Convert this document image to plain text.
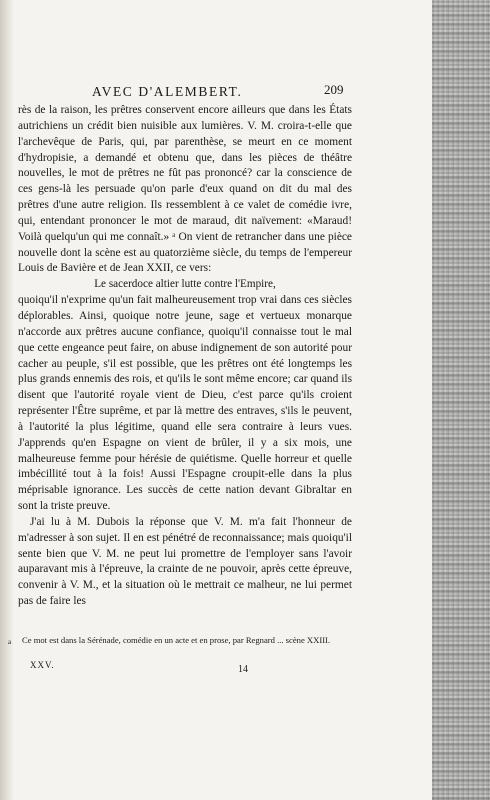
AVEC D'ALEMBERT.	209

rès de la raison, les prêtres conservent encore ailleurs que dans les États autrichiens un crédit bien nuisible aux lumières. V. M. croira-t-elle que l'archevêque de Paris, qui, par parenthèse, se meurt en ce moment d'hydropisie, a demandé et obtenu que, dans les pièces de théâtre nouvelles, le mot de prêtres ne fût pas prononcé? car la conscience de ces gens-là les persuade qu'on parle d'eux quand on dit du mal des prêtres d'une autre religion. Ils ressemblent à ce valet de comédie ivre, qui, entendant prononcer le mot de maraud, dit naïvement: «Maraud! Voilà quelqu'un qui me connaît.» ᵃ On vient de retrancher dans une pièce nouvelle dont la scène est au quatorzième siècle, du temps de l'empereur Louis de Bavière et de Jean XXII, ce vers:

Le sacerdoce altier lutte contre l'Empire,

quoiqu'il n'exprime qu'un fait malheureusement trop vrai dans ces siècles déplorables. Ainsi, quoique notre jeune, sage et vertueux monarque n'accorde aux prêtres aucune confiance, quoiqu'il connaisse tout le mal que cette engeance peut faire, on abuse indignement de son autorité pour cacher au peuple, s'il est possible, que les prêtres ont été longtemps les plus grands ennemis des rois, et qu'ils le sont même encore; car quand ils disent que l'autorité royale vient de Dieu, c'est parce qu'ils croient représenter l'Être suprême, et par là mettre des entraves, s'ils le peuvent, à l'autorité la plus légitime, quand elle sera contraire à leurs vues. J'apprends qu'en Espagne on vient de brûler, il y a six mois, une malheureuse femme pour hérésie de quiétisme. Quelle horreur et quelle imbécillité tout à la fois! Aussi l'Espagne croupit-elle dans la plus méprisable ignorance. Les succès de cette nation devant Gibraltar en sont la triste preuve.

J'ai lu à M. Dubois la réponse que V. M. m'a fait l'honneur de m'adresser à son sujet. Il en est pénétré de reconnaissance; mais quoiqu'il sente bien que V. M. ne peut lui promettre de l'employer sans l'avoir auparavant mis à l'épreuve, la crainte de ne pouvoir, après cette épreuve, convenir à V. M., et la situation où le mettrait ce malheur, ne lui permet pas de faire les

a Ce mot est dans la Sérénade, comédie en un acte et en prose, par Regnard ... scène XXIII.
XXV.	14
